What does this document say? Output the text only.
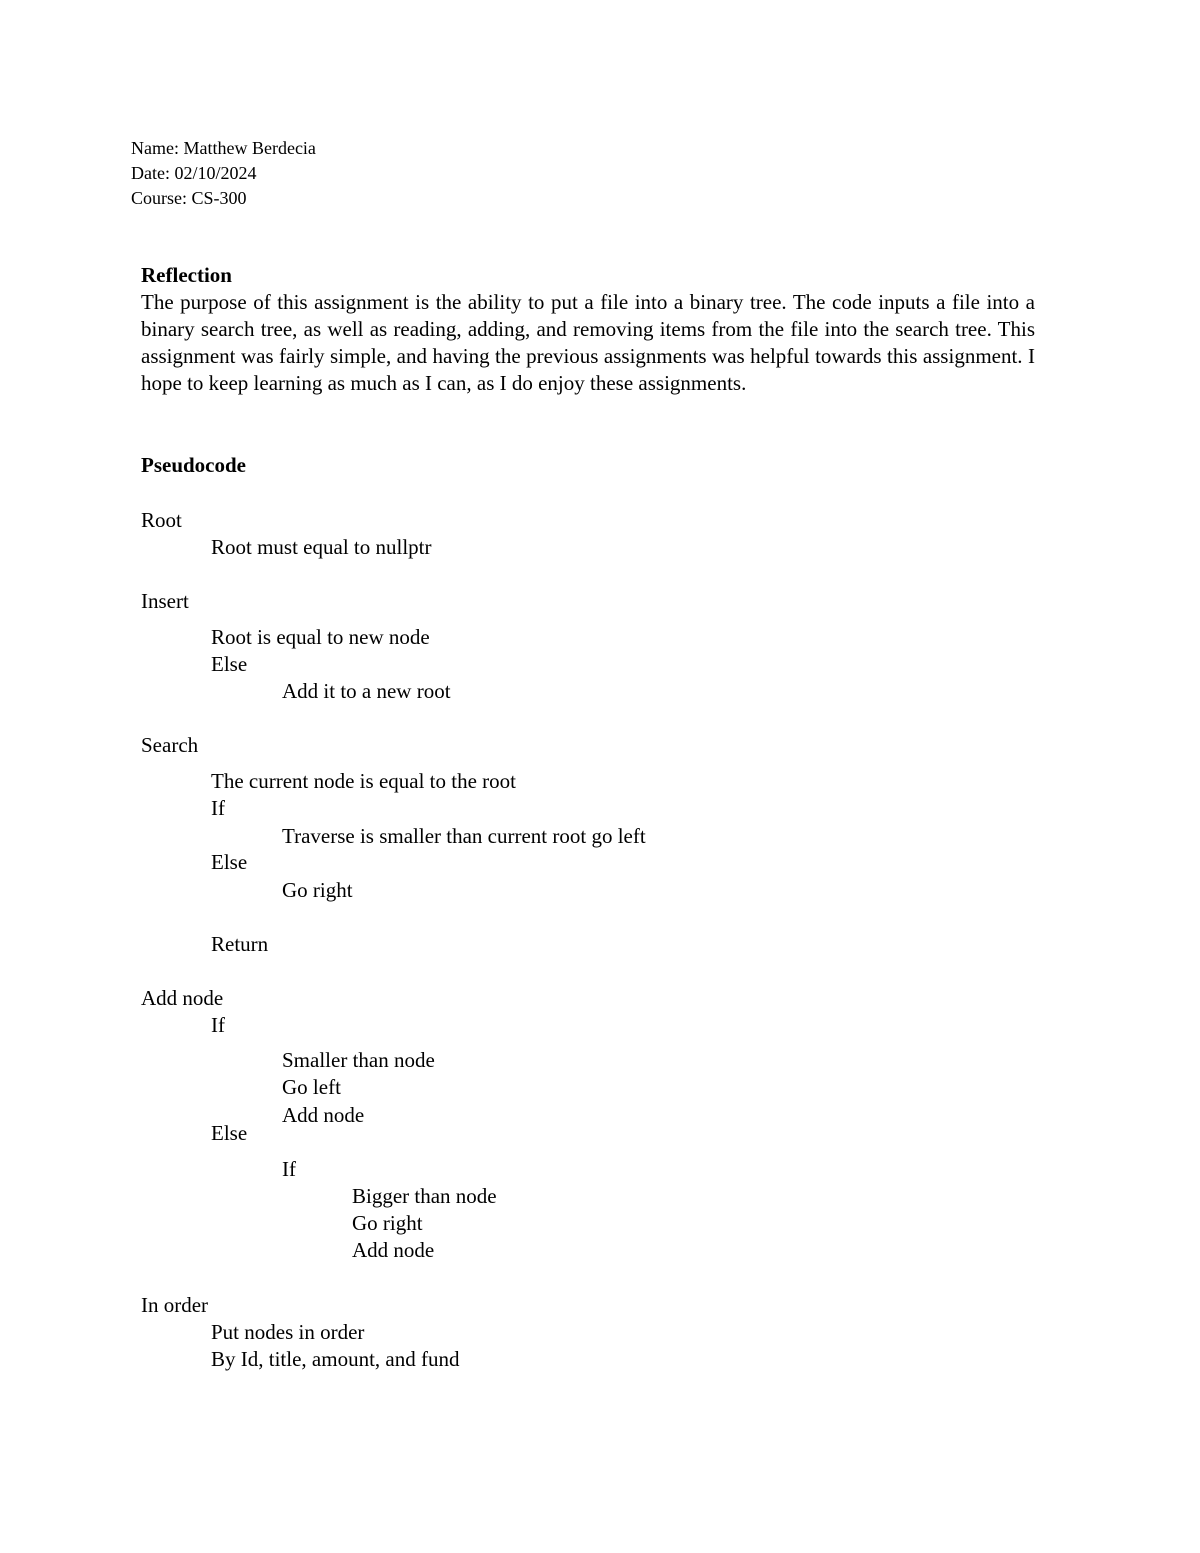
Name: Matthew Berdecia
Date: 02/10/2024
Course: CS-300
Reflection
The purpose of this assignment is the ability to put a file into a binary tree. The code inputs a file into a binary search tree, as well as reading, adding, and removing items from the file into the search tree. This assignment was fairly simple, and having the previous assignments was helpful towards this assignment. I hope to keep learning as much as I can, as I do enjoy these assignments.
Pseudocode
Root
Root must equal to nullptr
Insert
Root is equal to new node
Else
Add it to a new root
Search
The current node is equal to the root
If
Traverse is smaller than current root go left
Else
Go right
Return
Add node
If
Smaller than node
Go left
Add node
Else
If
Bigger than node
Go right
Add node
In order
Put nodes in order
By Id, title, amount, and fund
